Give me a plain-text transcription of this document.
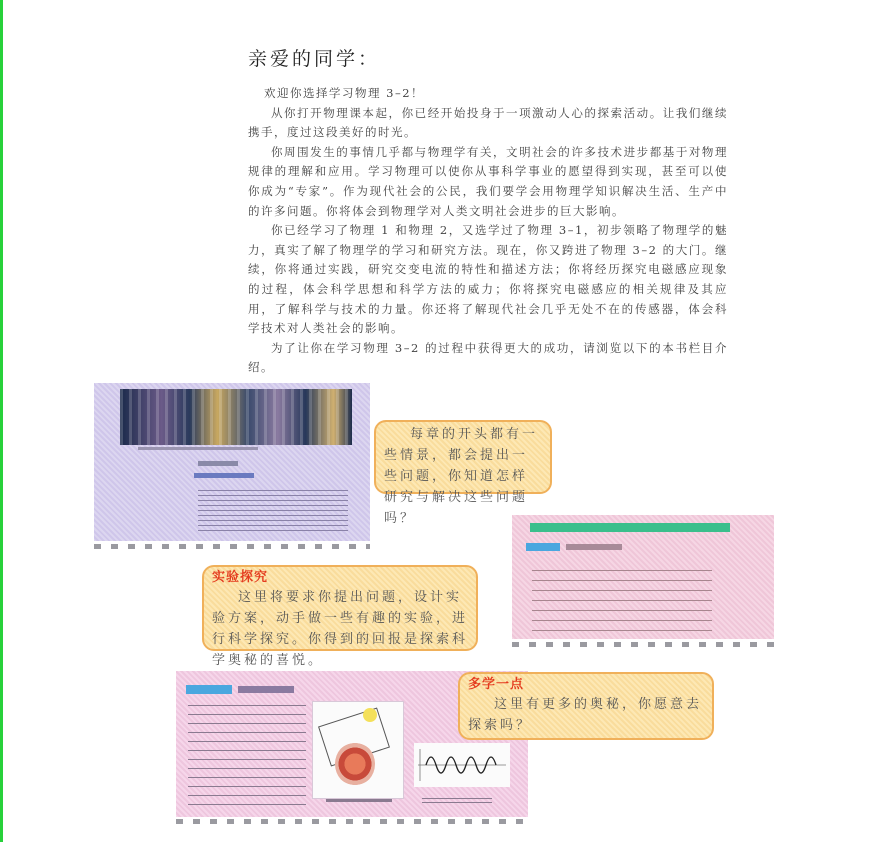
亲爱的同学：

欢迎你选择学习物理 3–2！

从你打开物理课本起，你已经开始投身于一项激动人心的探索活动。让我们继续携手，度过这段美好的时光。

你周围发生的事情几乎都与物理学有关，文明社会的许多技术进步都基于对物理规律的理解和应用。学习物理可以使你从事科学事业的愿望得到实现，甚至可以使你成为“专家”。作为现代社会的公民，我们要学会用物理学知识解决生活、生产中的许多问题。你将体会到物理学对人类文明社会进步的巨大影响。

你已经学习了物理 1 和物理 2，又选学过了物理 3–1，初步领略了物理学的魅力，真实了解了物理学的学习和研究方法。现在，你又跨进了物理 3–2 的大门。继续，你将通过实践，研究交变电流的特性和描述方法；你将经历探究电磁感应现象的过程，体会科学思想和科学方法的威力；你将探究电磁感应的相关规律及其应用，了解科学与技术的力量。你还将了解现代社会几乎无处不在的传感器，体会科学技术对人类社会的影响。

为了让你在学习物理 3–2 的过程中获得更大的成功，请浏览以下的本书栏目介绍。

每章的开头都有一些情景，都会提出一些问题，你知道怎样研究与解决这些问题吗？

实验探究

这里将要求你提出问题，设计实验方案，动手做一些有趣的实验，进行科学探究。你得到的回报是探索科学奥秘的喜悦。

多学一点

这里有更多的奥秘，你愿意去探索吗？
